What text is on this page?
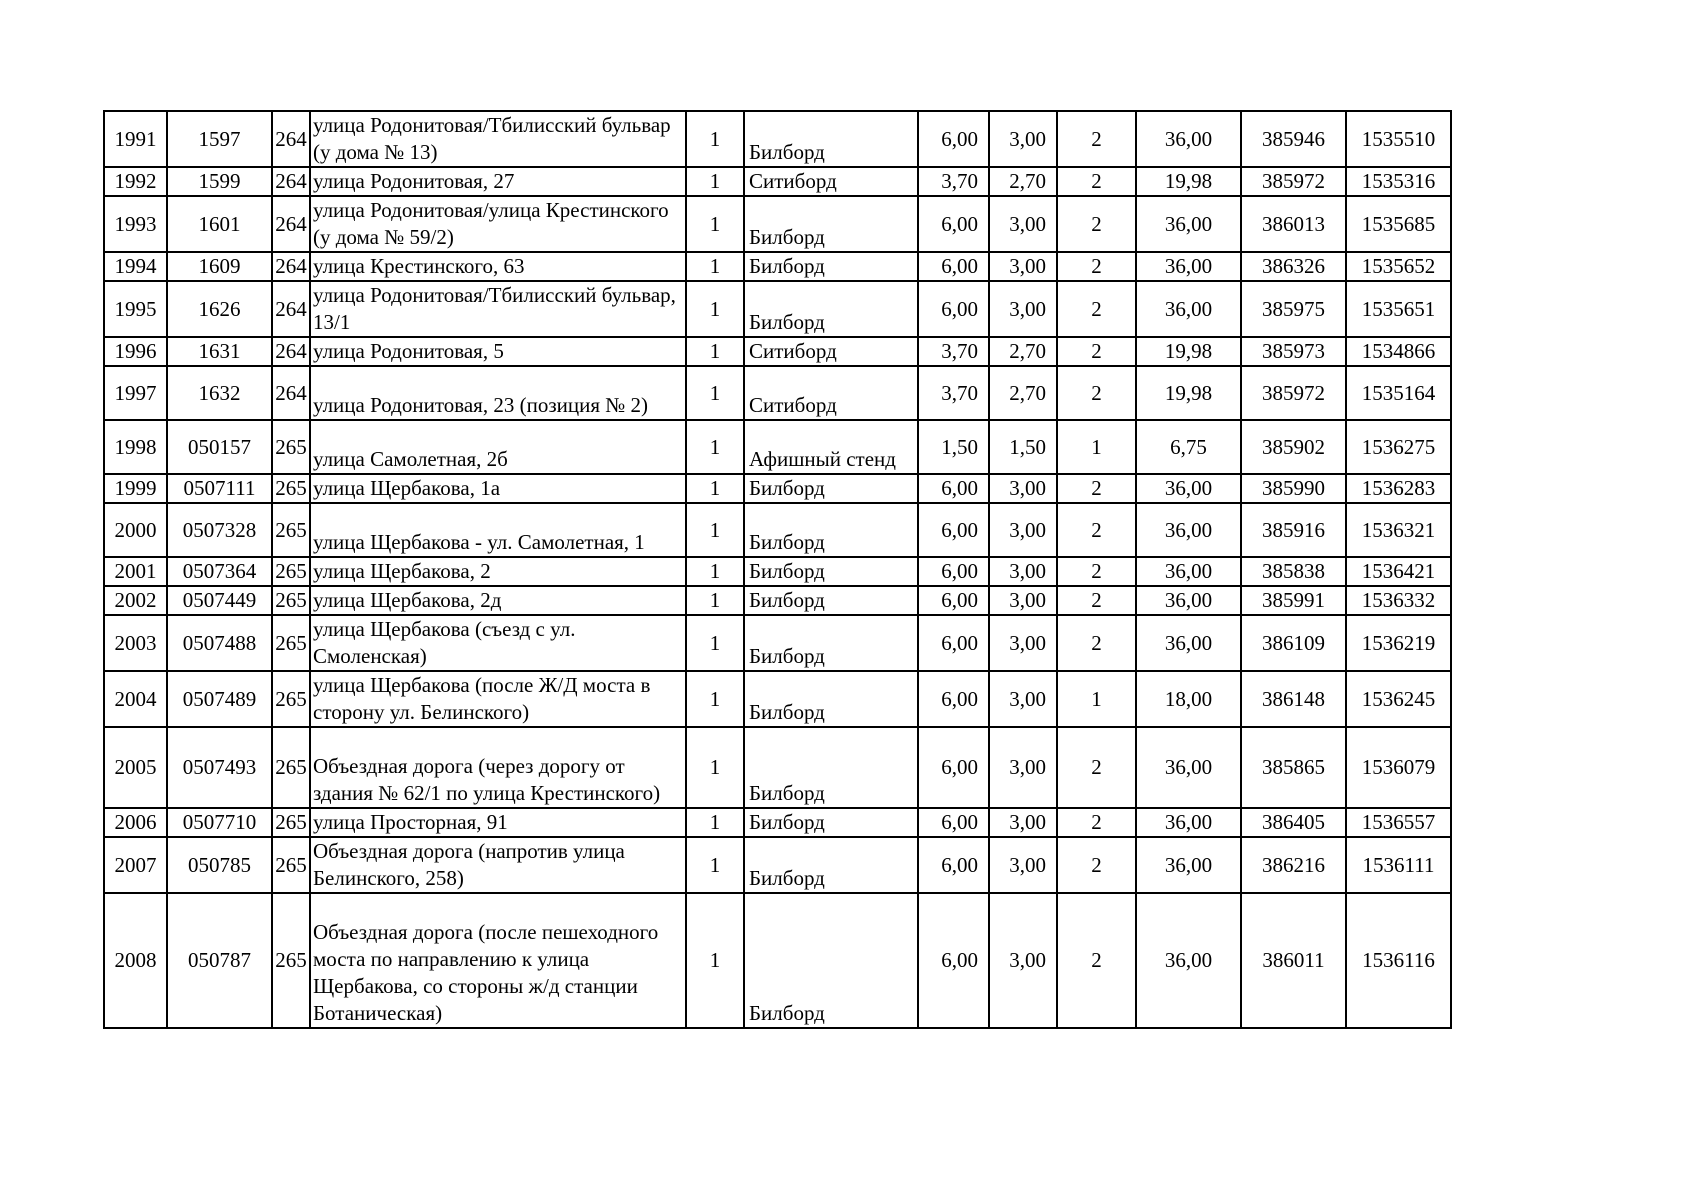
1991	1597	264	улица Родонитовая/Тбилисский бульвар (у дома № 13)	1	Билборд	6,00	3,00	2	36,00	385946	1535510
1992	1599	264	улица Родонитовая, 27	1	Ситиборд	3,70	2,70	2	19,98	385972	1535316
1993	1601	264	улица Родонитовая/улица Крестинского (у дома № 59/2)	1	Билборд	6,00	3,00	2	36,00	386013	1535685
1994	1609	264	улица Крестинского, 63	1	Билборд	6,00	3,00	2	36,00	386326	1535652
1995	1626	264	улица Родонитовая/Тбилисский бульвар, 13/1	1	Билборд	6,00	3,00	2	36,00	385975	1535651
1996	1631	264	улица Родонитовая, 5	1	Ситиборд	3,70	2,70	2	19,98	385973	1534866
1997	1632	264	улица Родонитовая, 23 (позиция № 2)	1	Ситиборд	3,70	2,70	2	19,98	385972	1535164
1998	050157	265	улица Самолетная, 2б	1	Афишный стенд	1,50	1,50	1	6,75	385902	1536275
1999	0507111	265	улица Щербакова, 1а	1	Билборд	6,00	3,00	2	36,00	385990	1536283
2000	0507328	265	улица Щербакова - ул. Самолетная, 1	1	Билборд	6,00	3,00	2	36,00	385916	1536321
2001	0507364	265	улица Щербакова, 2	1	Билборд	6,00	3,00	2	36,00	385838	1536421
2002	0507449	265	улица Щербакова, 2д	1	Билборд	6,00	3,00	2	36,00	385991	1536332
2003	0507488	265	улица Щербакова (съезд с ул. Смоленская)	1	Билборд	6,00	3,00	2	36,00	386109	1536219
2004	0507489	265	улица Щербакова (после Ж/Д моста в сторону ул. Белинского)	1	Билборд	6,00	3,00	1	18,00	386148	1536245
2005	0507493	265	Объездная дорога (через дорогу от здания № 62/1 по улица Крестинского)	1	Билборд	6,00	3,00	2	36,00	385865	1536079
2006	0507710	265	улица Просторная, 91	1	Билборд	6,00	3,00	2	36,00	386405	1536557
2007	050785	265	Объездная дорога (напротив улица Белинского, 258)	1	Билборд	6,00	3,00	2	36,00	386216	1536111
2008	050787	265	Объездная дорога (после пешеходного моста по направлению к улица Щербакова, со стороны ж/д станции Ботаническая)	1	Билборд	6,00	3,00	2	36,00	386011	1536116
